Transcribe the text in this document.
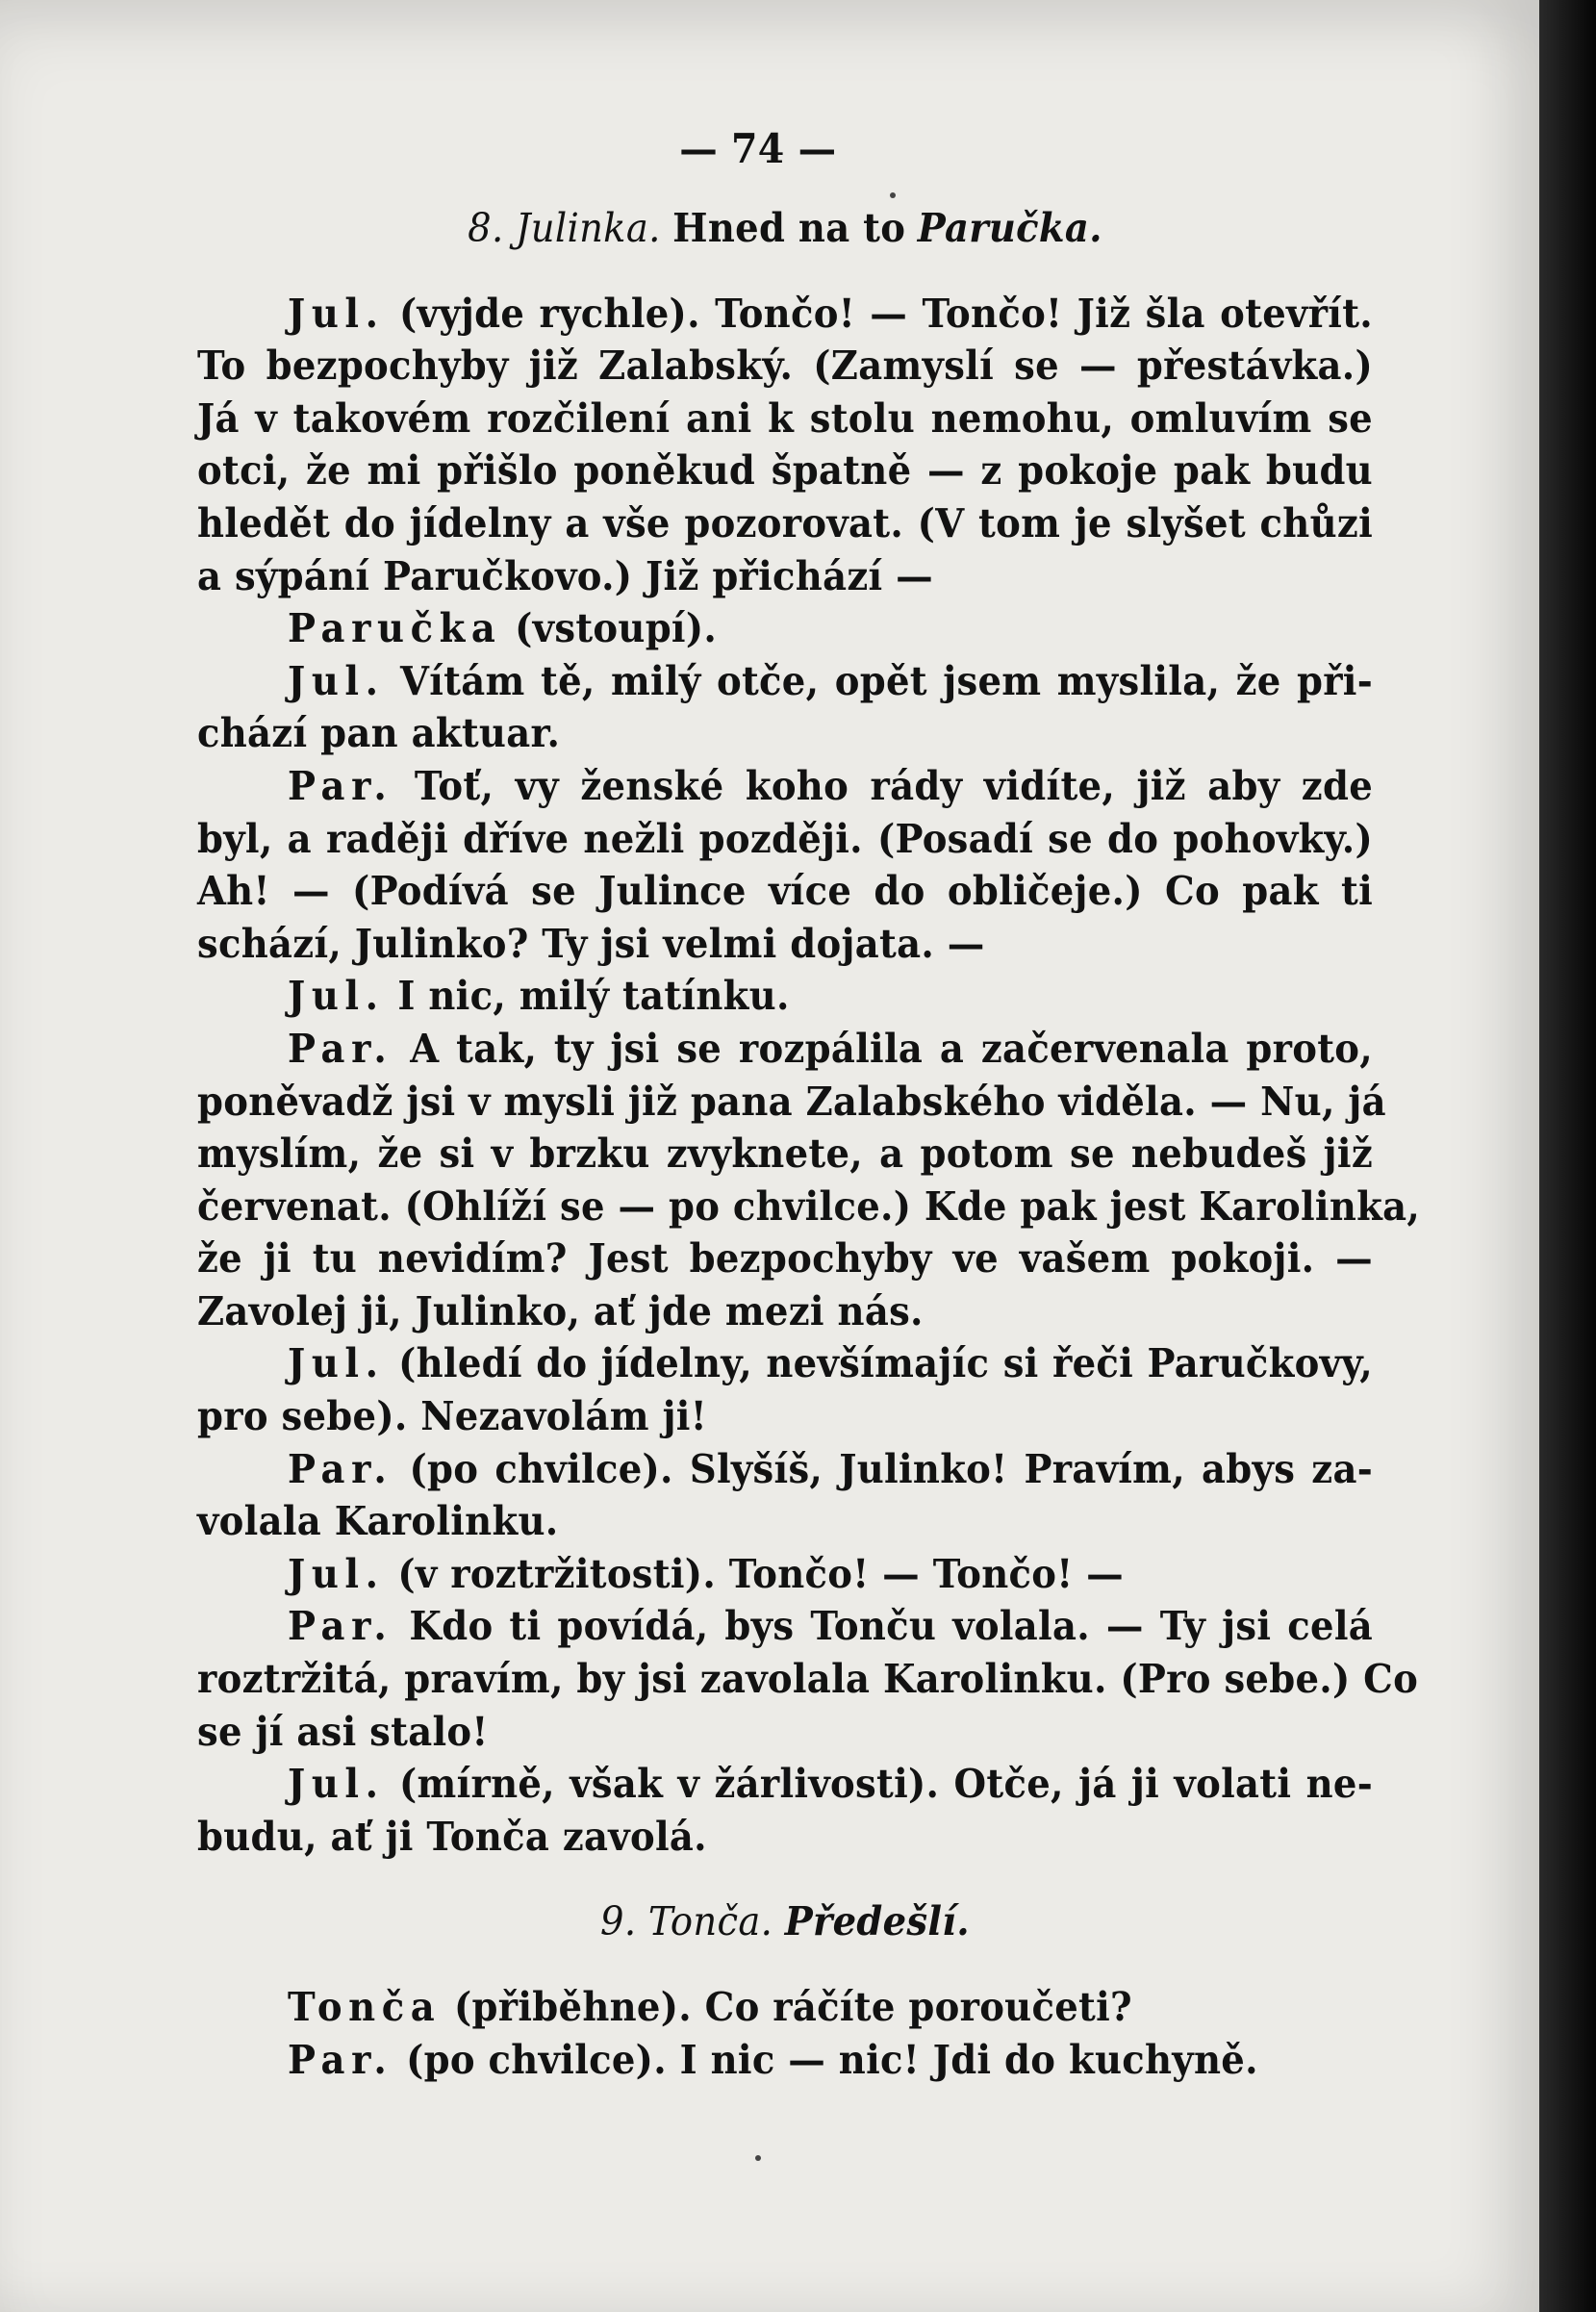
— 74 —
8. Julinka. Hned na to Paručka.
Jul. (vyjde rychle). Tončo! — Tončo! Již šla otevřít.
To bezpochyby již Zalabský. (Zamyslí se — přestávka.)
Já v takovém rozčilení ani k stolu nemohu, omluvím se
otci, že mi přišlo poněkud špatně — z pokoje pak budu
hledět do jídelny a vše pozorovat. (V tom je slyšet chůzi
a sýpání Paručkovo.) Již přichází —
Paručka (vstoupí).
Jul. Vítám tě, milý otče, opět jsem myslila, že při-
chází pan aktuar.
Par. Toť, vy ženské koho rády vidíte, již aby zde
byl, a raději dříve nežli později. (Posadí se do pohovky.)
Ah! — (Podívá se Julince více do obličeje.) Co pak ti
schází, Julinko? Ty jsi velmi dojata. —
Jul. I nic, milý tatínku.
Par. A tak, ty jsi se rozpálila a začervenala proto,
poněvadž jsi v mysli již pana Zalabského viděla. — Nu, já
myslím, že si v brzku zvyknete, a potom se nebudeš již
červenat. (Ohlíží se — po chvilce.) Kde pak jest Karolinka,
že ji tu nevidím? Jest bezpochyby ve vašem pokoji. —
Zavolej ji, Julinko, ať jde mezi nás.
Jul. (hledí do jídelny, nevšímajíc si řeči Paručkovy,
pro sebe). Nezavolám ji!
Par. (po chvilce). Slyšíš, Julinko! Pravím, abys za-
volala Karolinku.
Jul. (v roztržitosti). Tončo! — Tončo! —
Par. Kdo ti povídá, bys Tonču volala. — Ty jsi celá
roztržitá, pravím, by jsi zavolala Karolinku. (Pro sebe.) Co
se jí asi stalo!
Jul. (mírně, však v žárlivosti). Otče, já ji volati ne-
budu, ať ji Tonča zavolá.
9. Tonča. Předešlí.
Tonča (přiběhne). Co ráčíte poroučeti?
Par. (po chvilce). I nic — nic! Jdi do kuchyně.
